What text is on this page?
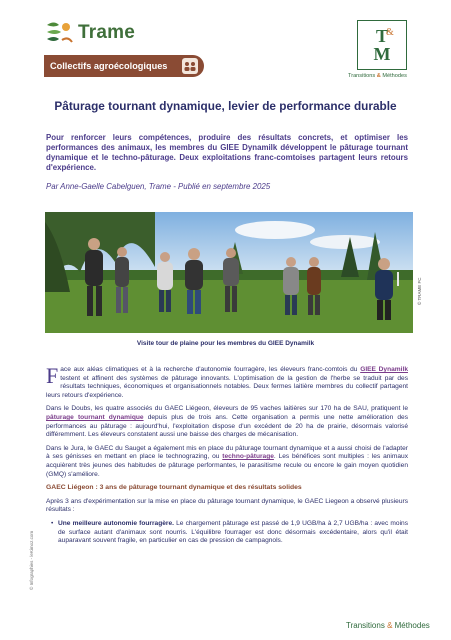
Trame
Collectifs agroécologiques
T
&
M
Transitions & Méthodes
Pâturage tournant dynamique, levier de performance durable

Pour renforcer leurs compétences, produire des résultats concrets, et optimiser les performances des animaux, les membres du GIEE Dynamilk développent le pâturage tournant dynamique et le techno-pâturage. Deux exploitations franc-comtoises partagent leurs retours d'expérience.

Par Anne-Gaelle Cabelguen, Trame - Publié en septembre 2025

© TRAME FC

Visite tour de plaine pour les membres du GIEE Dynamilk

Face aux aléas climatiques et à la recherche d'autonomie fourragère, les éleveurs franc-comtois du GIEE Dynamilk testent et affinent des systèmes de pâturage innovants. L'optimisation de la gestion de l'herbe se traduit par des résultats techniques, économiques et organisationnels notables. Deux fermes laitière membres du collectif partagent leurs retours d'expérience.

Dans le Doubs, les quatre associés du GAEC Liégeon, éleveurs de 95 vaches laitières sur 170 ha de SAU, pratiquent le pâturage tournant dynamique depuis plus de trois ans. Cette organisation a permis une nette amélioration des performances au pâturage : aujourd'hui, l'exploitation dispose d'un excédent de 20 ha de prairie, désormais valorisé différemment. Les éleveurs constatent aussi une baisse des charges de mécanisation.

Dans le Jura, le GAEC du Sauget a également mis en place du pâturage tournant dynamique et a aussi choisi de l'adapter à ses génisses en mettant en place le technograzing, ou techno-pâturage. Les bénéfices sont multiples : les animaux acquièrent très jeunes des habitudes de pâturage performantes, le parasitisme recule ou encore le gain moyen quotidien (GMQ) s'améliore.

GAEC Liégeon : 3 ans de pâturage tournant dynamique et des résultats solides

Après 3 ans d'expérimentation sur la mise en place du pâturage tournant dynamique, le GAEC Liegeon a observé plusieurs résultats :

• Une meilleure autonomie fourragère. Le chargement pâturage est passé de 1,9 UGB/ha à 2,7 UGB/ha : avec moins de surface autant d'animaux sont nourris. L'équilibre fourrager est donc désormais excédentaire, alors qu'il était auparavant souvent fragile, en particulier en cas de pression de campagnols.

© Infographies - leKimoz.com
Transitions & Méthodes
